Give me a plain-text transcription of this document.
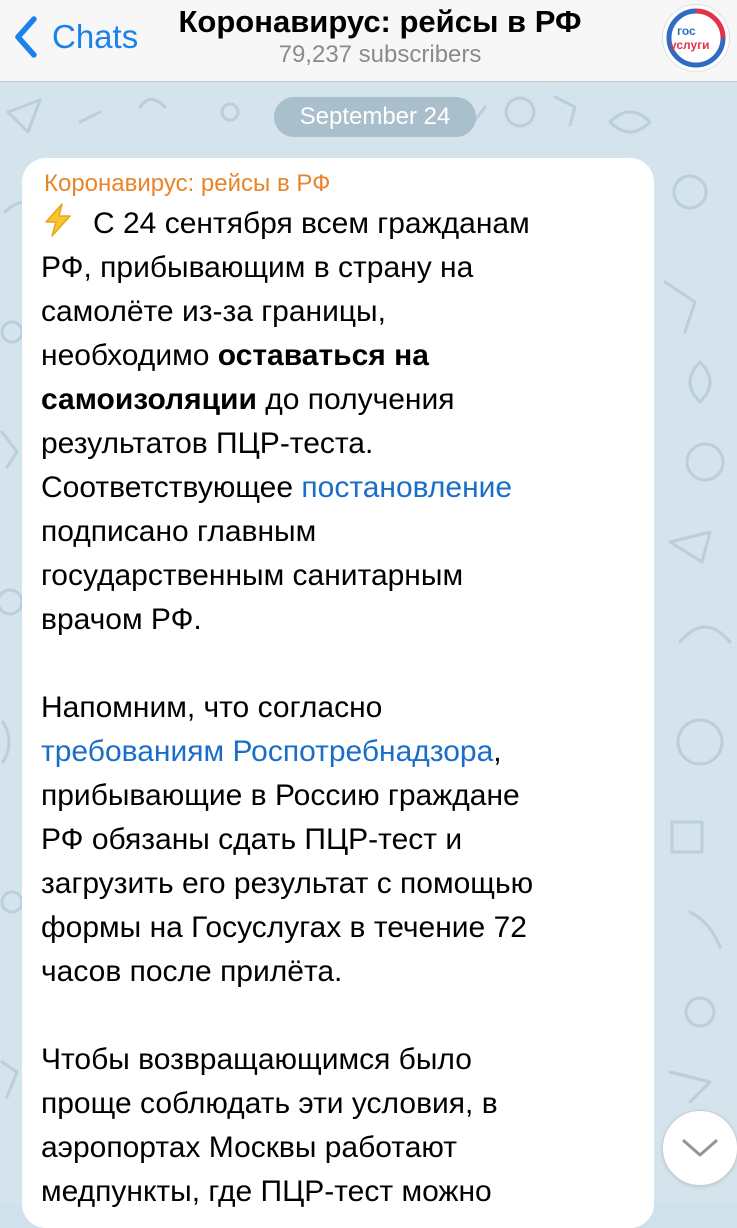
Chats	Коронавирус: рейсы в РФ
79,237 subscribers
гос
услуги
September 24
Коронавирус: рейсы в РФ

С 24 сентября всем гражданам

РФ, прибывающим в страну на

самолёте из-за границы,

необходимо оставаться на

самоизоляции до получения

результатов ПЦР-теста.

Соответствующее постановление

подписано главным

государственным санитарным

врачом РФ.

Напомним, что согласно

требованиям Роспотребнадзора,

прибывающие в Россию граждане

РФ обязаны сдать ПЦР-тест и

загрузить его результат с помощью

формы на Госуслугах в течение 72

часов после прилёта.

Чтобы возвращающимся было

проще соблюдать эти условия, в

аэропортах Москвы работают

медпункты, где ПЦР-тест можно
